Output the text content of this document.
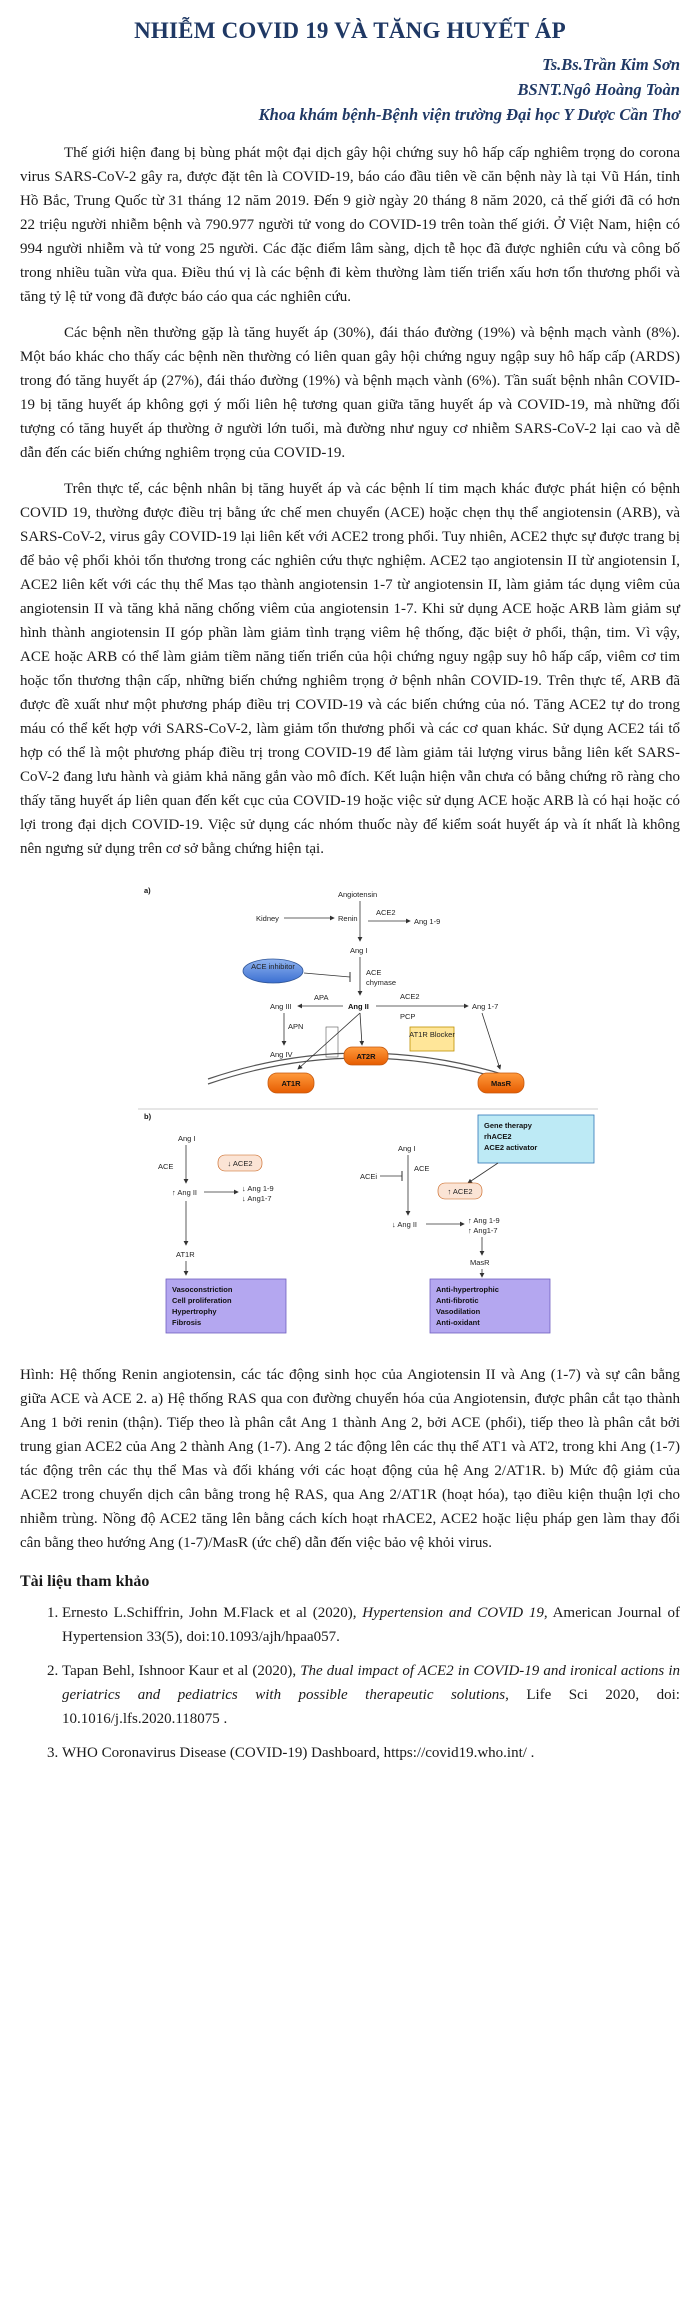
NHIỄM COVID 19 VÀ TĂNG HUYẾT ÁP

Ts.Bs.Trần Kim Sơn

BSNT.Ngô Hoàng Toàn

Khoa khám bệnh-Bệnh viện trường Đại học Y Dược Cần Thơ

Thế giới hiện đang bị bùng phát một đại dịch gây hội chứng suy hô hấp cấp nghiêm trọng do corona virus SARS-CoV-2 gây ra, được đặt tên là COVID-19, báo cáo đầu tiên về căn bệnh này là tại Vũ Hán, tỉnh Hồ Bắc, Trung Quốc từ 31 tháng 12 năm 2019. Đến 9 giờ ngày 20 tháng 8 năm 2020, cả thế giới đã có hơn 22 triệu người nhiễm bệnh và 790.977 người tử vong do COVID-19 trên toàn thế giới. Ở Việt Nam, hiện có 994 người nhiễm và tử vong 25 người. Các đặc điểm lâm sàng, dịch tễ học đã được nghiên cứu và công bố trong nhiều tuần vừa qua. Điều thú vị là các bệnh đi kèm thường làm tiến triển xấu hơn tổn thương phổi và tăng tỷ lệ tử vong đã được báo cáo qua các nghiên cứu.

Các bệnh nền thường gặp là tăng huyết áp (30%), đái tháo đường (19%) và bệnh mạch vành (8%). Một báo khác cho thấy các bệnh nền thường có liên quan gây hội chứng nguy ngập suy hô hấp cấp (ARDS) trong đó tăng huyết áp (27%), đái tháo đường (19%) và bệnh mạch vành (6%). Tần suất bệnh nhân COVID-19 bị tăng huyết áp không gợi ý mối liên hệ tương quan giữa tăng huyết áp và COVID-19, mà những đối tượng có tăng huyết áp thường ở người lớn tuổi, mà đường như nguy cơ nhiễm SARS-CoV-2 lại cao và dễ dẫn đến các biến chứng nghiêm trọng của COVID-19.

Trên thực tế, các bệnh nhân bị tăng huyết áp và các bệnh lí tim mạch khác được phát hiện có bệnh COVID 19, thường được điều trị bằng ức chế men chuyển (ACE) hoặc chẹn thụ thể angiotensin (ARB), và SARS-CoV-2, virus gây COVID-19 lại liên kết với ACE2 trong phổi. Tuy nhiên, ACE2 thực sự được trang bị để bảo vệ phổi khỏi tổn thương trong các nghiên cứu thực nghiệm. ACE2 tạo angiotensin II từ angiotensin I, ACE2 liên kết với các thụ thể Mas tạo thành angiotensin 1-7 từ angiotensin II, làm giảm tác dụng viêm của angiotensin II và tăng khả năng chống viêm của angiotensin 1-7. Khi sử dụng ACE hoặc ARB làm giảm sự hình thành angiotensin II góp phần làm giảm tình trạng viêm hệ thống, đặc biệt ở phổi, thận, tim. Vì vậy, ACE hoặc ARB có thể làm giảm tiềm năng tiến triển của hội chứng nguy ngập suy hô hấp cấp, viêm cơ tim hoặc tổn thương thận cấp, những biến chứng nghiêm trọng ở bệnh nhân COVID-19. Trên thực tế, ARB đã được đề xuất như một phương pháp điều trị COVID-19 và các biến chứng của nó. Tăng ACE2 tự do trong máu có thể kết hợp với SARS-CoV-2, làm giảm tổn thương phổi và các cơ quan khác. Sử dụng ACE2 tái tổ hợp có thể là một phương pháp điều trị trong COVID-19 để làm giảm tải lượng virus bằng liên kết SARS-CoV-2 đang lưu hành và giảm khả năng gắn vào mô đích. Kết luận hiện vẫn chưa có bằng chứng rõ ràng cho thấy tăng huyết áp liên quan đến kết cục của COVID-19 hoặc việc sử dụng ACE hoặc ARB là có hại hoặc có lợi trong đại dịch COVID-19. Việc sử dụng các nhóm thuốc này để kiểm soát huyết áp và ít nhất là không nên ngưng sử dụng trên cơ sở bằng chứng hiện tại.

a)	Angiotensin
Kidney	Renin
ACE2
Ang 1-9
Ang I
ACE inhibitor
ACE
chymase
Ang II
Ang III
APA	ACE2
Ang 1-7
PCP
AT1R Blocker
APN
Ang IV	AT2R
AT1R	MasR
b)
Ang I
ACE	↓ ACE2
↑ Ang II	↓ Ang 1-9
↓ Ang1-7
AT1R
Vasoconstriction
Cell proliferation
Hypertrophy
Fibrosis
Gene therapy
rhACE2
ACE2 activator
Ang I
ACEi
ACE
↑ ACE2
↓ Ang II	↑ Ang 1-9
↑ Ang1-7
MasR
Anti-hypertrophic
Anti-fibrotic
Vasodilation
Anti-oxidant

Hình: Hệ thống Renin angiotensin, các tác động sinh học của Angiotensin II và Ang (1-7) và sự cân bằng giữa ACE và ACE 2. a) Hệ thống RAS qua con đường chuyển hóa của Angiotensin, được phân cắt tạo thành Ang 1 bởi renin (thận). Tiếp theo là phân cắt Ang 1 thành Ang 2, bởi ACE (phổi), tiếp theo là phân cắt bởi trung gian ACE2 của Ang 2 thành Ang (1-7). Ang 2 tác động lên các thụ thể AT1 và AT2, trong khi Ang (1-7) tác động trên các thụ thể Mas và đối kháng với các hoạt động của hệ Ang 2/AT1R. b) Mức độ giảm của ACE2 trong chuyển dịch cân bằng trong hệ RAS, qua Ang 2/AT1R (hoạt hóa), tạo điều kiện thuận lợi cho nhiễm trùng. Nồng độ ACE2 tăng lên bằng cách kích hoạt rhACE2, ACE2 hoặc liệu pháp gen làm thay đổi cân bằng theo hướng Ang (1-7)/MasR (ức chế) dẫn đến việc bảo vệ khỏi virus.

Tài liệu tham khảo
1. Ernesto L.Schiffrin, John M.Flack et al (2020), Hypertension and COVID 19, American Journal of Hypertension 33(5), doi:10.1093/ajh/hpaa057.
2. Tapan Behl, Ishnoor Kaur et al (2020), The dual impact of ACE2 in COVID-19 and ironical actions in geriatrics and pediatrics with possible therapeutic solutions, Life Sci 2020, doi: 10.1016/j.lfs.2020.118075 .
3. WHO Coronavirus Disease (COVID-19) Dashboard, https://covid19.who.int/ .
